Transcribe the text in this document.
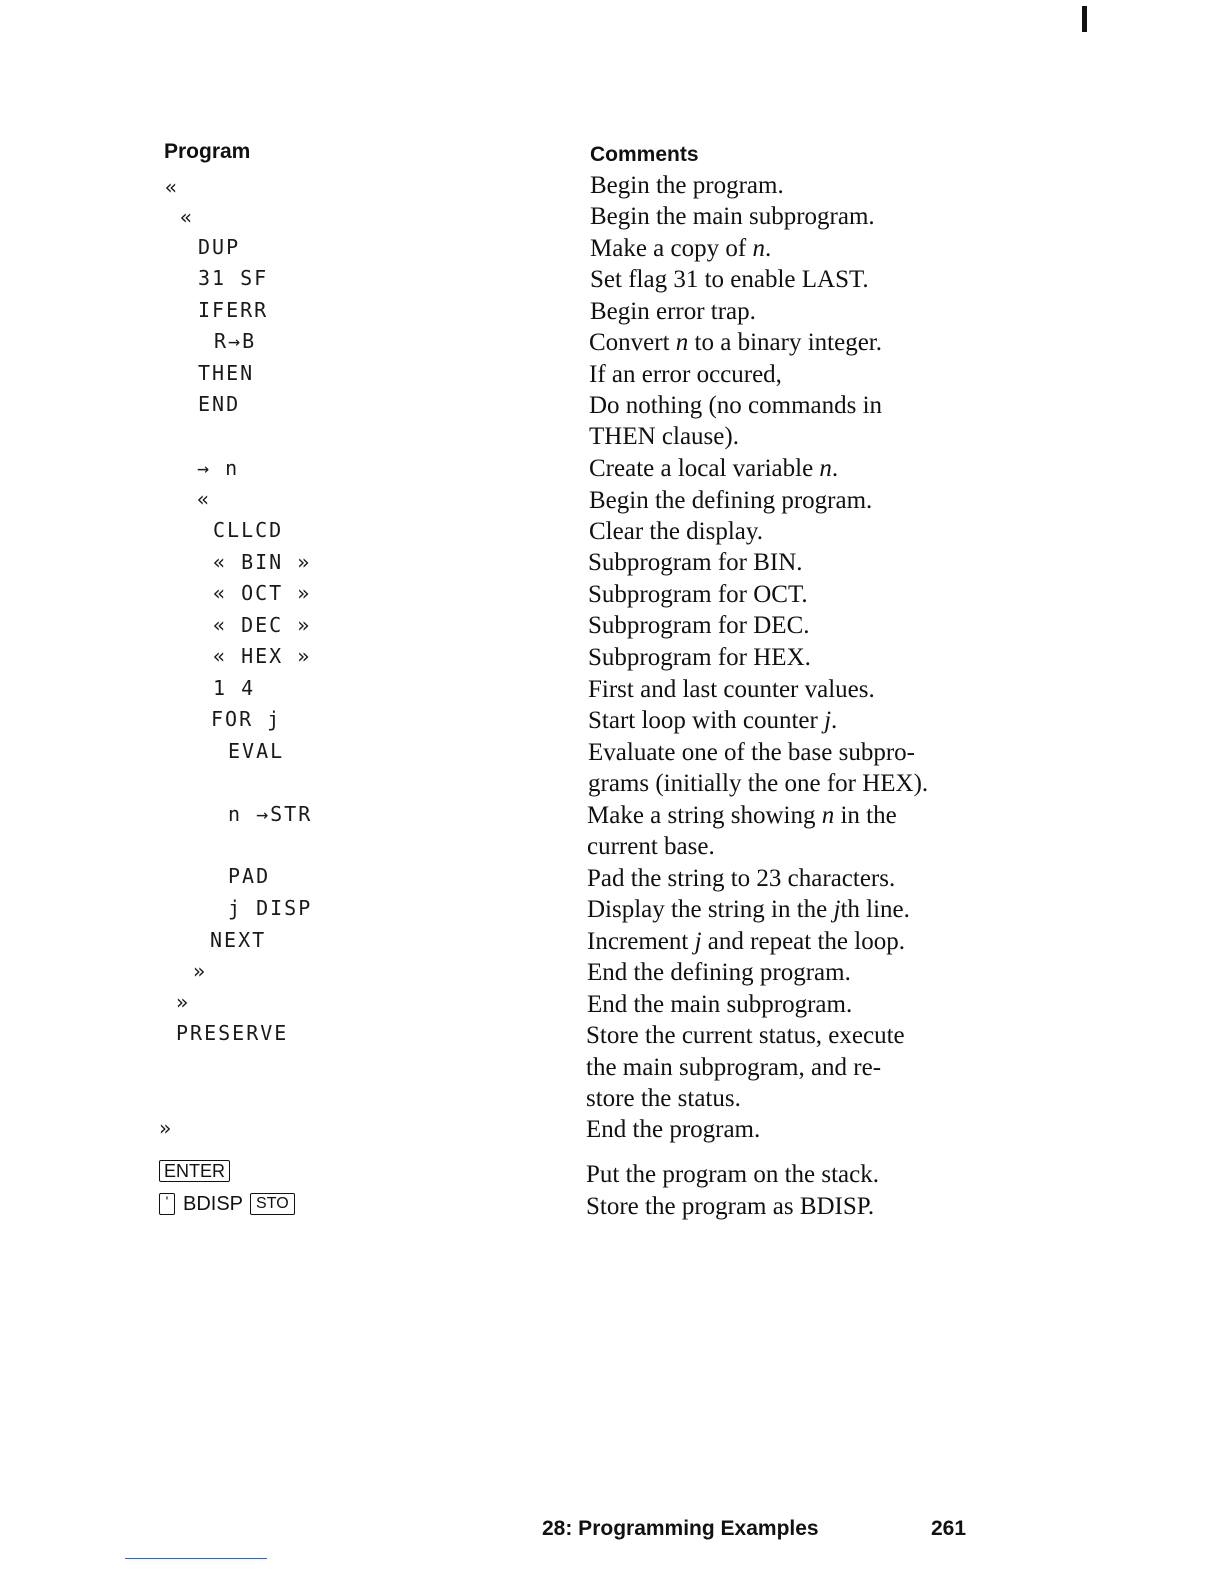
Program	Comments
«
«
DUP
31 SF
IFERR
R→B
THEN
END
→ n
«
CLLCD
« BIN »
« OCT »
« DEC »
« HEX »
1 4
FOR j
EVAL
n →STR
PAD
j DISP
NEXT
»
»
PRESERVE
»
Begin the program.
Begin the main subprogram.
Make a copy of n.
Set flag 31 to enable LAST.
Begin error trap.
Convert n to a binary integer.
If an error occured,
Do nothing (no commands in
THEN clause).
Create a local variable n.
Begin the defining program.
Clear the display.
Subprogram for BIN.
Subprogram for OCT.
Subprogram for DEC.
Subprogram for HEX.
First and last counter values.
Start loop with counter j.
Evaluate one of the base subpro-
grams (initially the one for HEX).
Make a string showing n in the
current base.
Pad the string to 23 characters.
Display the string in the jth line.
Increment j and repeat the loop.
End the defining program.
End the main subprogram.
Store the current status, execute
the main subprogram, and re-
store the status.
End the program.
Put the program on the stack.
Store the program as BDISP.
ENTER
' BDISP STO
28: Programming Examples	261
